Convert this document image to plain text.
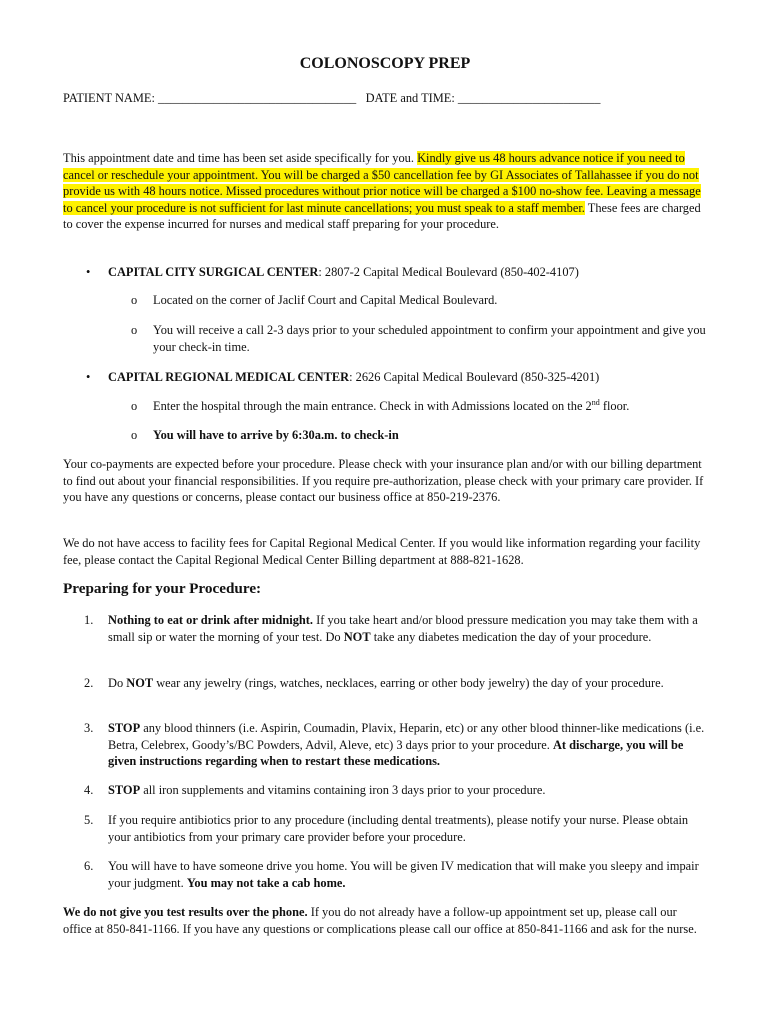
COLONOSCOPY PREP
PATIENT NAME: ________________________________ DATE and TIME: _______________________

This appointment date and time has been set aside specifically for you. Kindly give us 48 hours advance notice if you need to cancel or reschedule your appointment. You will be charged a $50 cancellation fee by GI Associates of Tallahassee if you do not provide us with 48 hours notice. Missed procedures without prior notice will be charged a $100 no-show fee. Leaving a message to cancel your procedure is not sufficient for last minute cancellations; you must speak to a staff member. These fees are charged to cover the expense incurred for nurses and medical staff preparing for your procedure.

• CAPITAL CITY SURGICAL CENTER: 2807-2 Capital Medical Boulevard (850-402-4107)
o Located on the corner of Jaclif Court and Capital Medical Boulevard.
o You will receive a call 2-3 days prior to your scheduled appointment to confirm your appointment and give you your check-in time.
• CAPITAL REGIONAL MEDICAL CENTER: 2626 Capital Medical Boulevard (850-325-4201)
o Enter the hospital through the main entrance. Check in with Admissions located on the 2nd floor.
o You will have to arrive by 6:30a.m. to check-in

Your co-payments are expected before your procedure. Please check with your insurance plan and/or with our billing department to find out about your financial responsibilities. If you require pre-authorization, please check with your primary care provider. If you have any questions or concerns, please contact our business office at 850-219-2376.

We do not have access to facility fees for Capital Regional Medical Center. If you would like information regarding your facility fee, please contact the Capital Regional Medical Center Billing department at 888-821-1628.

Preparing for your Procedure:
1. Nothing to eat or drink after midnight. If you take heart and/or blood pressure medication you may take them with a small sip or water the morning of your test. Do NOT take any diabetes medication the day of your procedure.
2. Do NOT wear any jewelry (rings, watches, necklaces, earring or other body jewelry) the day of your procedure.
3. STOP any blood thinners (i.e. Aspirin, Coumadin, Plavix, Heparin, etc) or any other blood thinner-like medications (i.e. Betra, Celebrex, Goody’s/BC Powders, Advil, Aleve, etc) 3 days prior to your procedure. At discharge, you will be given instructions regarding when to restart these medications.
4. STOP all iron supplements and vitamins containing iron 3 days prior to your procedure.
5. If you require antibiotics prior to any procedure (including dental treatments), please notify your nurse. Please obtain your antibiotics from your primary care provider before your procedure.
6. You will have to have someone drive you home. You will be given IV medication that will make you sleepy and impair your judgment. You may not take a cab home.

We do not give you test results over the phone. If you do not already have a follow-up appointment set up, please call our office at 850-841-1166. If you have any questions or complications please call our office at 850-841-1166 and ask for the nurse.
